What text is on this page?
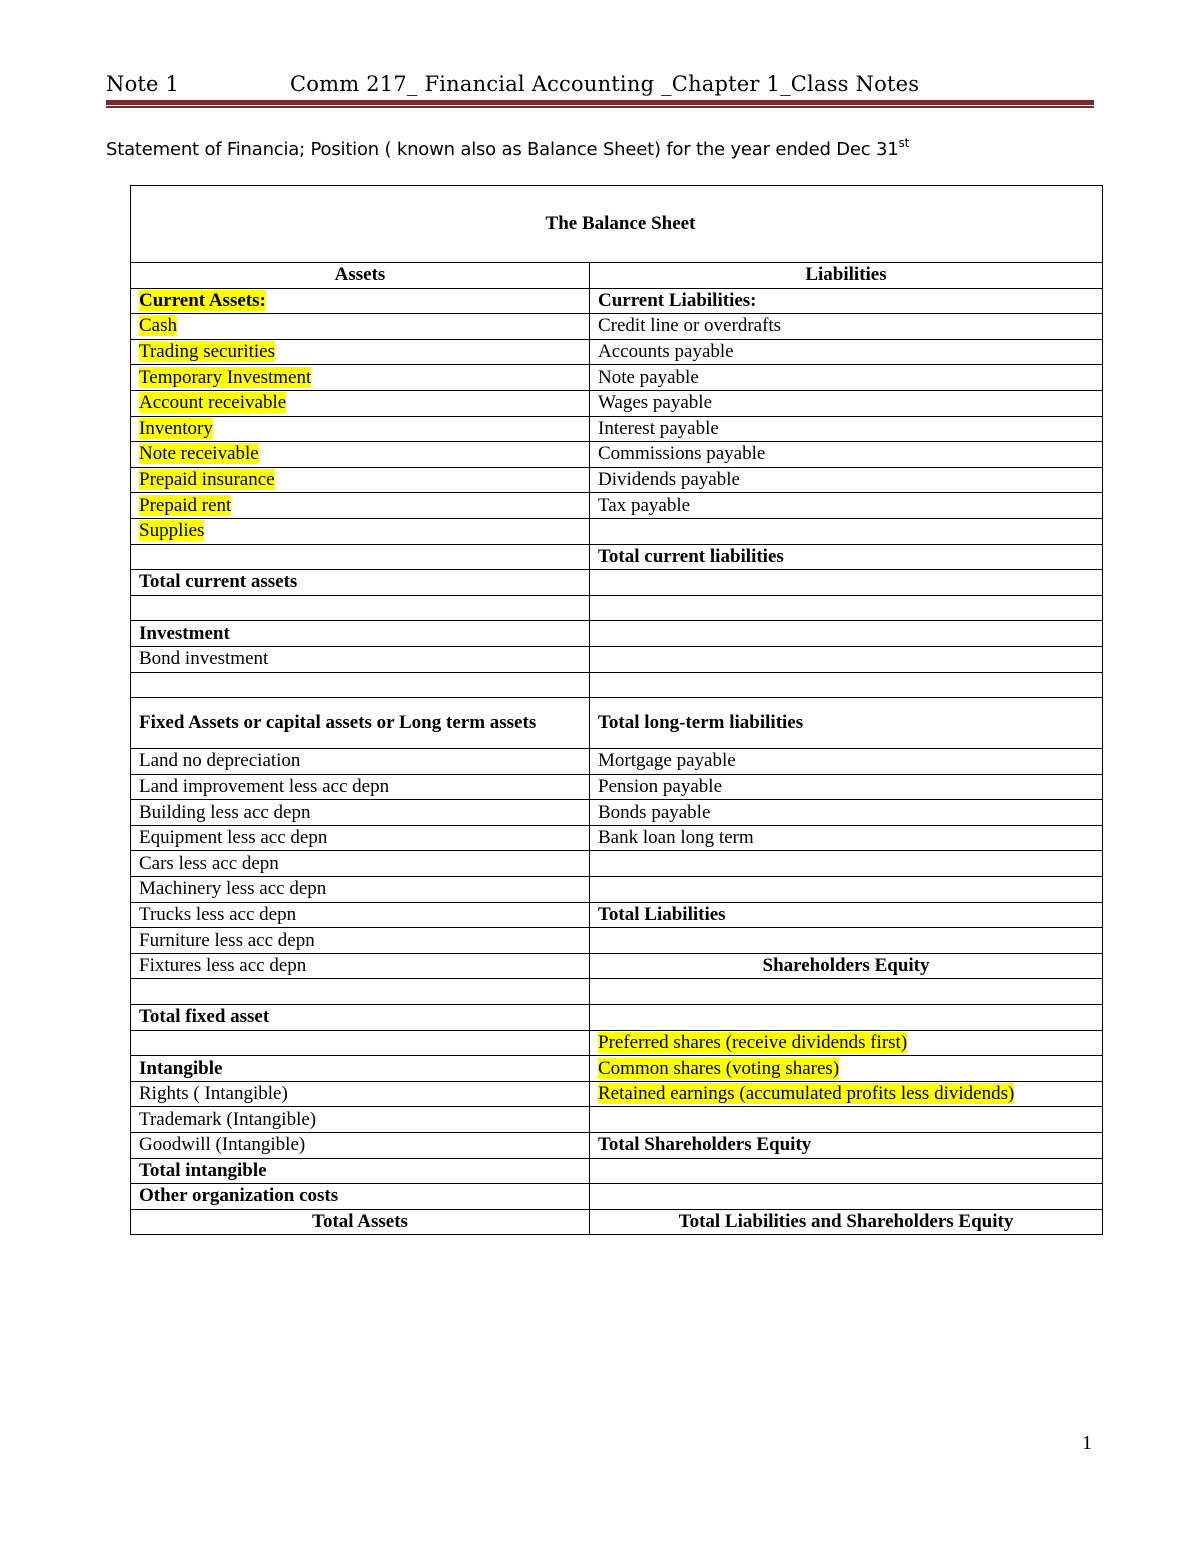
Note 1	Comm 217_ Financial Accounting _Chapter 1_Class Notes
Statement of Financia; Position ( known also as Balance Sheet) for the year ended Dec 31st
The Balance Sheet	
Assets	Liabilities
Current Assets:	Current Liabilities:
Cash	Credit line or overdrafts
Trading securities	Accounts payable
Temporary Investment	Note payable
Account receivable	Wages payable
Inventory	Interest payable
Note receivable	Commissions payable
Prepaid insurance	Dividends payable
Prepaid rent	Tax payable
Supplies	
	Total current liabilities
Total current assets	

Investment	
Bond investment	

Fixed Assets or capital assets or Long term assets	Total long-term liabilities
Land no depreciation	Mortgage payable
Land improvement less acc depn	Pension payable
Building less acc depn	Bonds payable
Equipment less acc depn	Bank loan long term
Cars less acc depn	
Machinery less acc depn	
Trucks less acc depn	Total Liabilities
Furniture less acc depn	
Fixtures less acc depn	Shareholders Equity

Total fixed asset	
	Preferred shares (receive dividends first)
Intangible	Common shares (voting shares)
Rights ( Intangible)	Retained earnings (accumulated profits less dividends)
Trademark (Intangible)	
Goodwill (Intangible)	Total Shareholders Equity
Total intangible	
Other organization costs	
Total Assets	Total Liabilities and Shareholders Equity
1
